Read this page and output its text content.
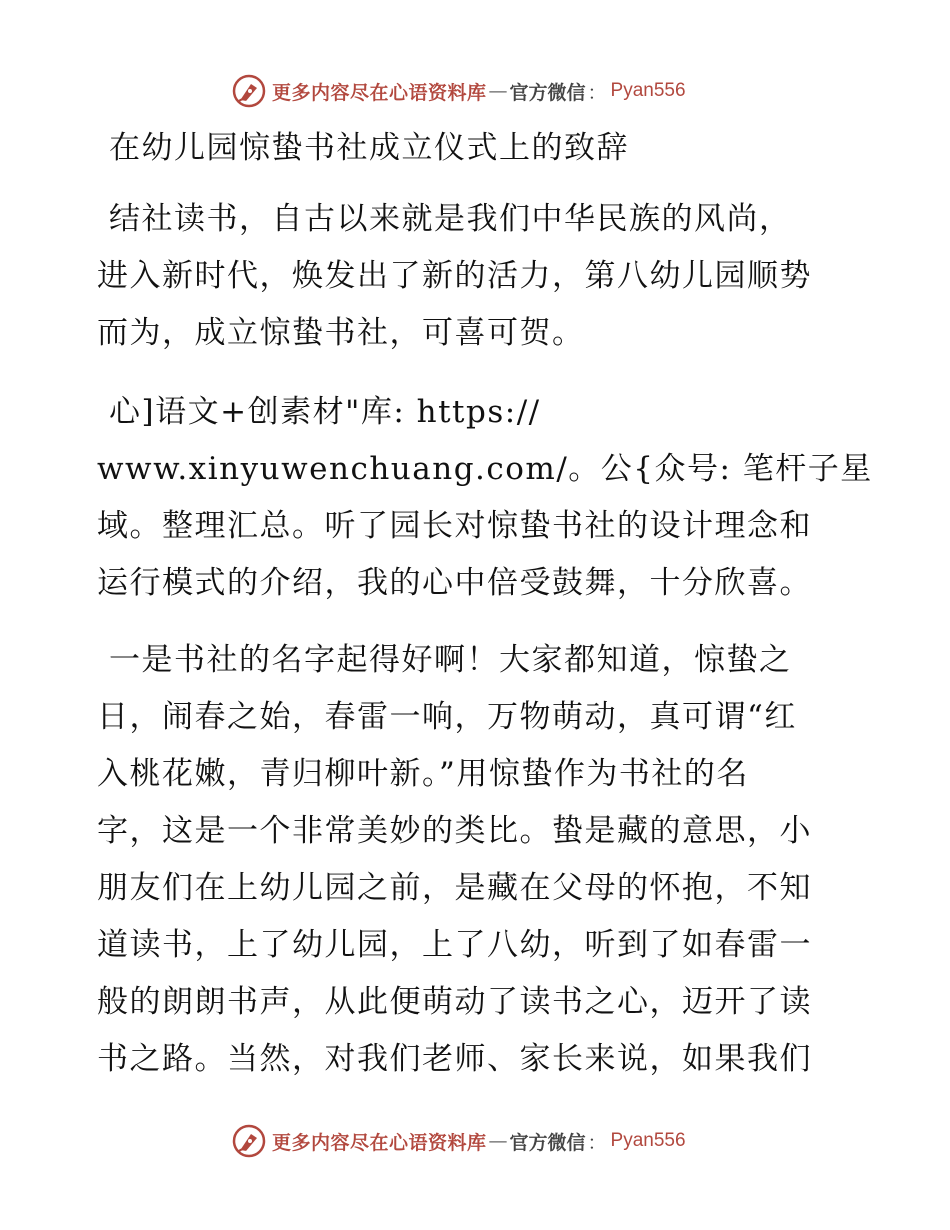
更多内容尽在心语资料库 — 官方微信 ： Pyan556
在幼儿园惊蛰书社成立仪式上的致辞
结社读书，自古以来就是我们中华民族的风尚，
进入新时代，焕发出了新的活力，第八幼儿园顺势
而为，成立惊蛰书社，可喜可贺。
心]语文+创素材"库: https://
www.xinyuwenchuang.com/。公{众号: 笔杆子星
域。整理汇总。听了园长对惊蛰书社的设计理念和
运行模式的介绍，我的心中倍受鼓舞，十分欣喜。
一是书社的名字起得好啊！大家都知道，惊蛰之
日，闹春之始，春雷一响，万物萌动，真可谓“红
入桃花嫩，青归柳叶新。”用惊蛰作为书社的名
字，这是一个非常美妙的类比。蛰是藏的意思，小
朋友们在上幼儿园之前，是藏在父母的怀抱，不知
道读书，上了幼儿园，上了八幼，听到了如春雷一
般的朗朗书声，从此便萌动了读书之心，迈开了读
书之路。当然，对我们老师、家长来说，如果我们
更多内容尽在心语资料库 — 官方微信 ： Pyan556
